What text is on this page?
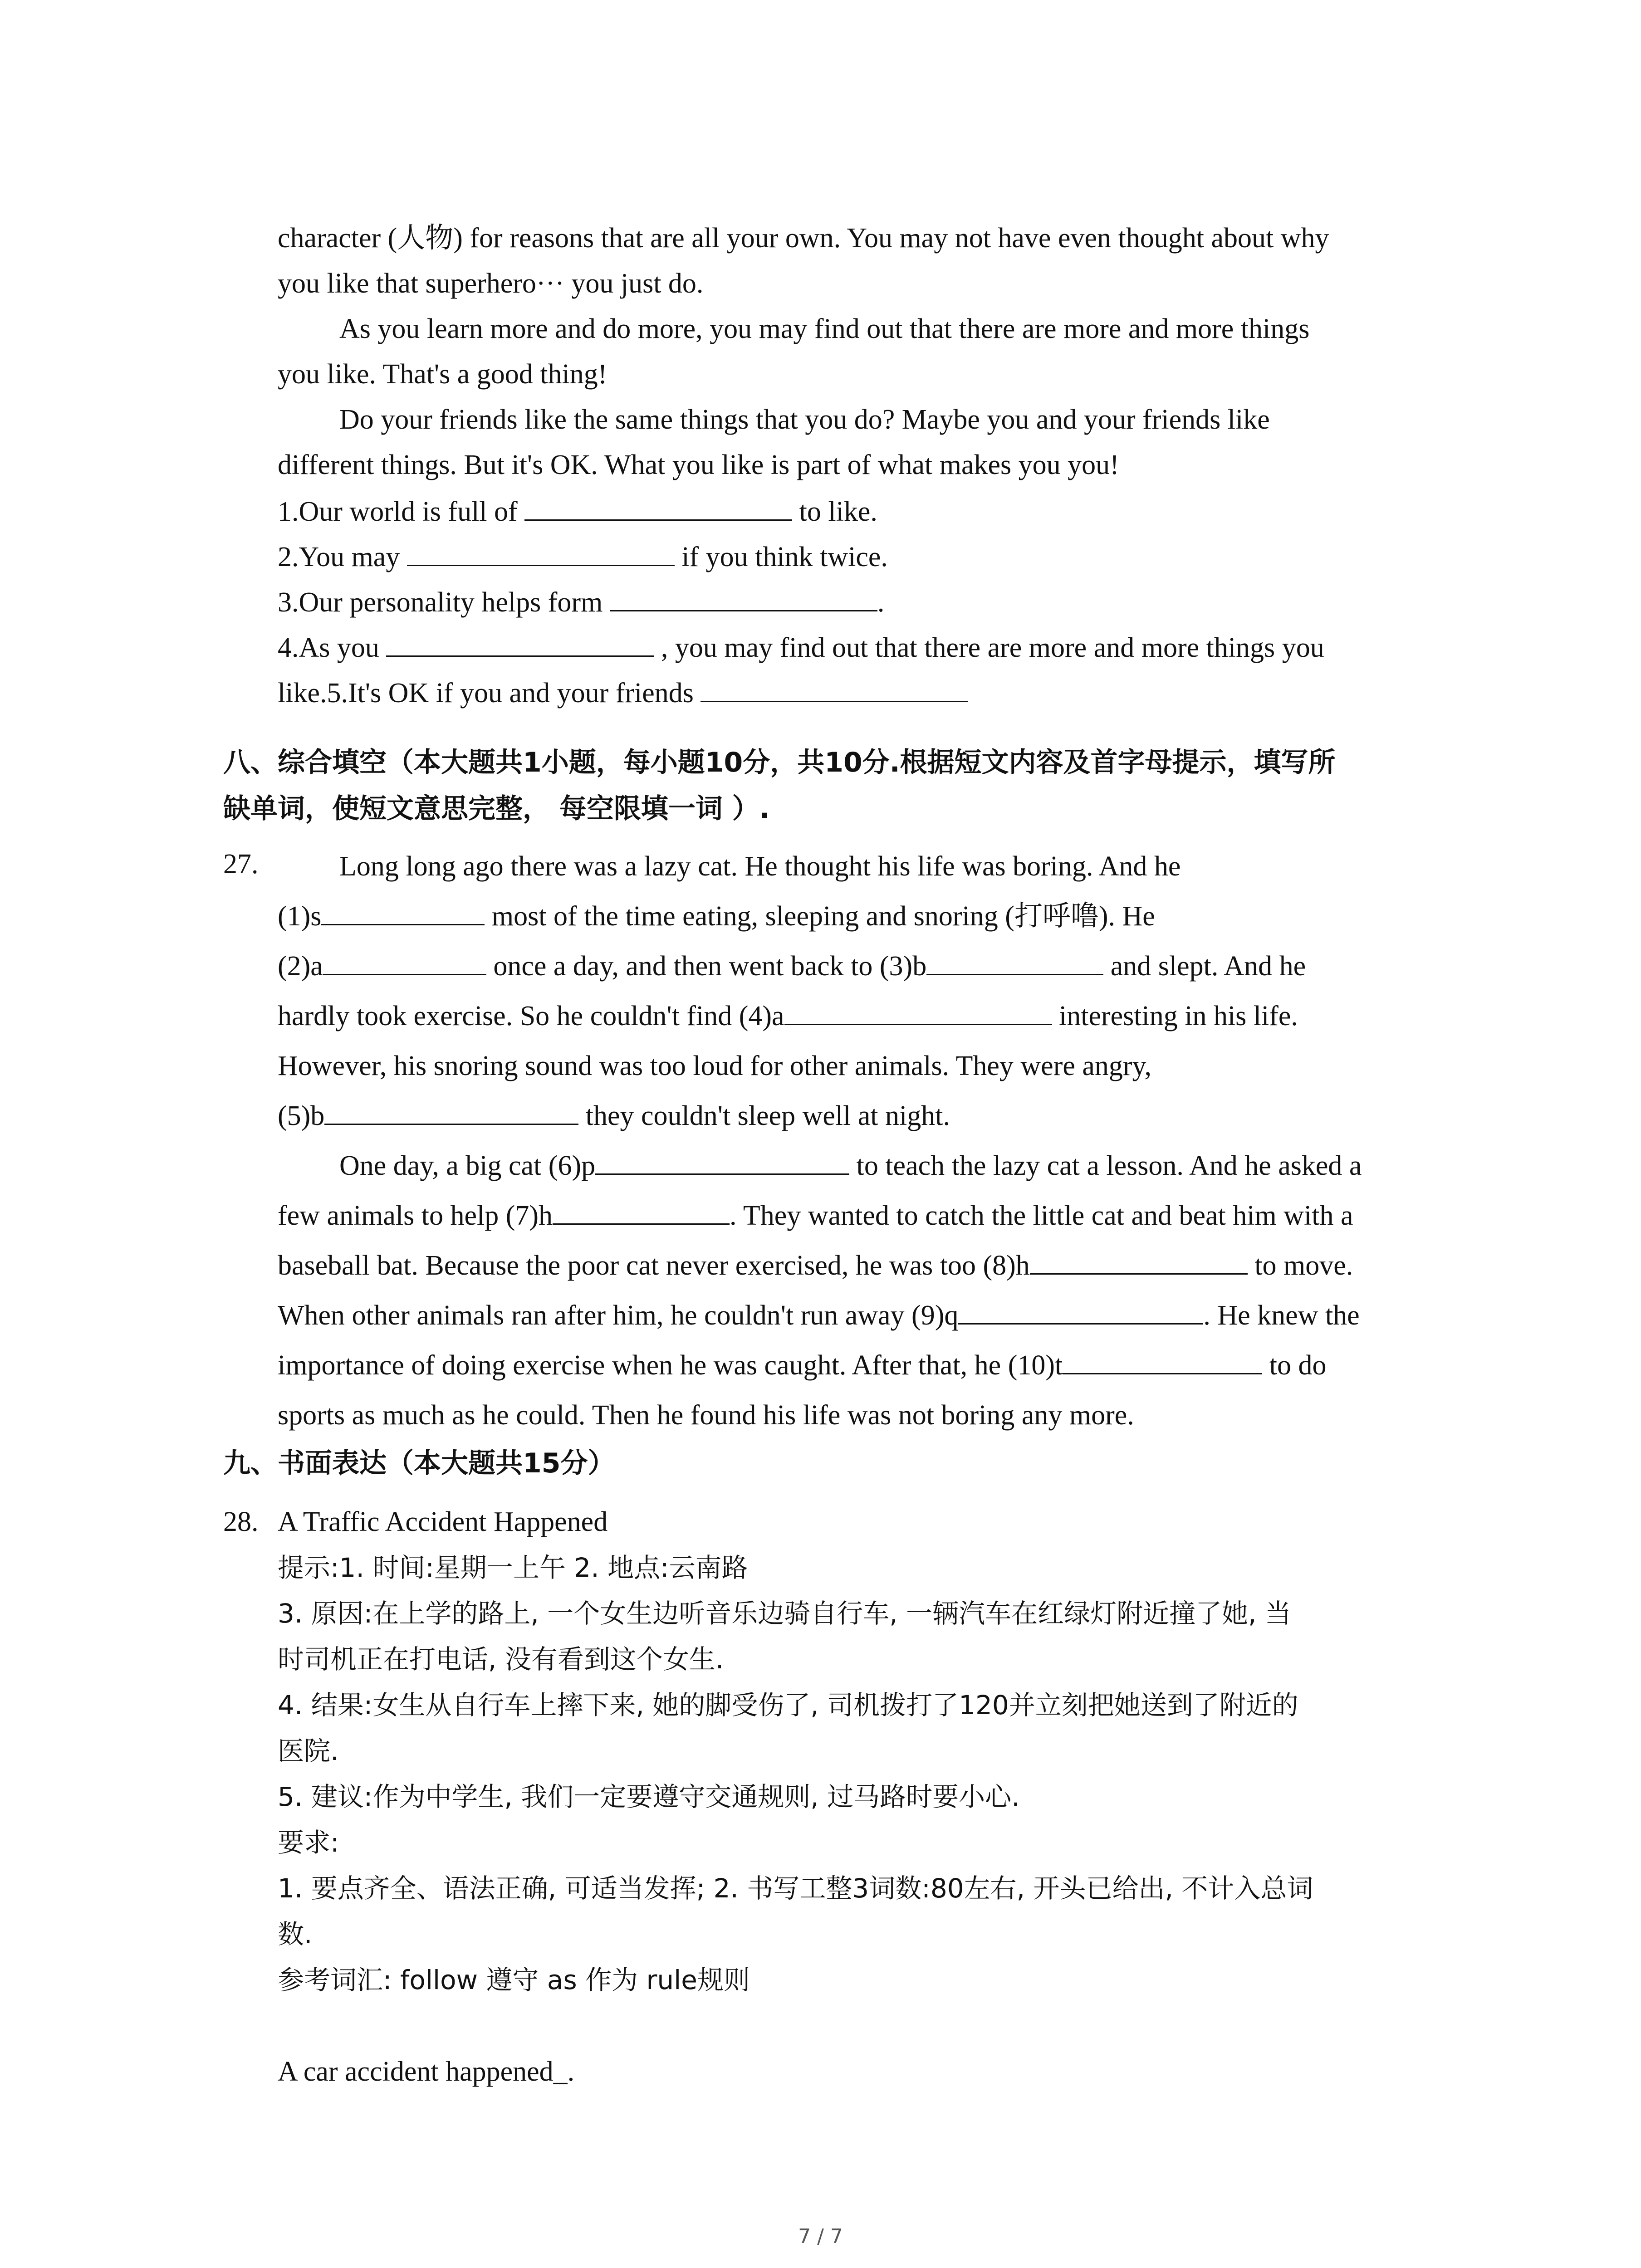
character (人物) for reasons that are all your own. You may not have even thought about why
you like that superhero··· you just do.
As you learn more and do more, you may find out that there are more and more things
you like. That's a good thing!
Do your friends like the same things that you do? Maybe you and your friends like
different things. But it's OK. What you like is part of what makes you you!
1.Our world is full of	to like.
2.You may	if you think twice.
3.Our personality helps form	.
4.As you	, you may find out that there are more and more things you
like.5.It's OK if you and your friends
八、综合填空（本大题共1小题，每小题10分，共10分.根据短文内容及首字母提示，填写所
缺单词，使短文意思完整， 每空限填一词 ）.
27.	Long long ago there was a lazy cat. He thought his life was boring. And he
(1)s	most of the time eating, sleeping and snoring (打呼噜). He
(2)a	once a day, and then went back to (3)b	and slept. And he
hardly took exercise. So he couldn't find (4)a	interesting in his life.
However, his snoring sound was too loud for other animals. They were angry,
(5)b	they couldn't sleep well at night.
One day, a big cat (6)p	to teach the lazy cat a lesson. And he asked a
few animals to help (7)h	. They wanted to catch the little cat and beat him with a
baseball bat. Because the poor cat never exercised, he was too (8)h	to move.
When other animals ran after him, he couldn't run away (9)q	. He knew the
importance of doing exercise when he was caught. After that, he (10)t	to do
sports as much as he could. Then he found his life was not boring any more.
九、书面表达（本大题共15分）
28. A Traffic Accident Happened
提示:1. 时间:星期一上午 2. 地点:云南路
3. 原因:在上学的路上, 一个女生边听音乐边骑自行车, 一辆汽车在红绿灯附近撞了她, 当
时司机正在打电话, 没有看到这个女生.
4. 结果:女生从自行车上摔下来, 她的脚受伤了, 司机拨打了120并立刻把她送到了附近的
医院.
5. 建议:作为中学生, 我们一定要遵守交通规则, 过马路时要小心.
要求:
1. 要点齐全、语法正确, 可适当发挥; 2. 书写工整3词数:80左右, 开头已给出, 不计入总词
数.
参考词汇: follow 遵守 as 作为 rule规则
A car accident happened_.
7 / 7
